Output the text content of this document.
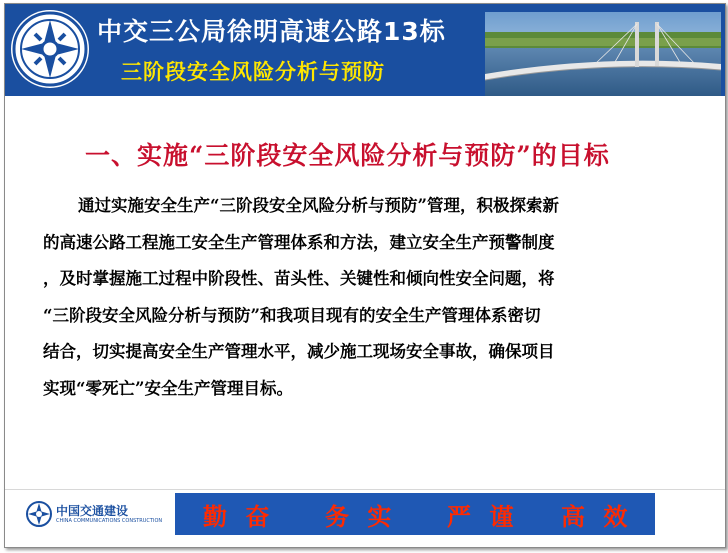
中交三公局徐明高速公路13标
三阶段安全风险分析与预防
一、实施“三阶段安全风险分析与预防”的目标
通过实施安全生产“三阶段安全风险分析与预防”管理，积极探索新
的高速公路工程施工安全生产管理体系和方法，建立安全生产预警制度
，及时掌握施工过程中阶段性、苗头性、关键性和倾向性安全问题，将
“三阶段安全风险分析与预防”和我项目现有的安全生产管理体系密切
结合，切实提高安全生产管理水平，减少施工现场安全事故，确保项目
实现“零死亡”安全生产管理目标。
中国交通建设
CHINA COMMUNICATIONS CONSTRUCTION 勤 奋 务 实 严 谨 高 效
